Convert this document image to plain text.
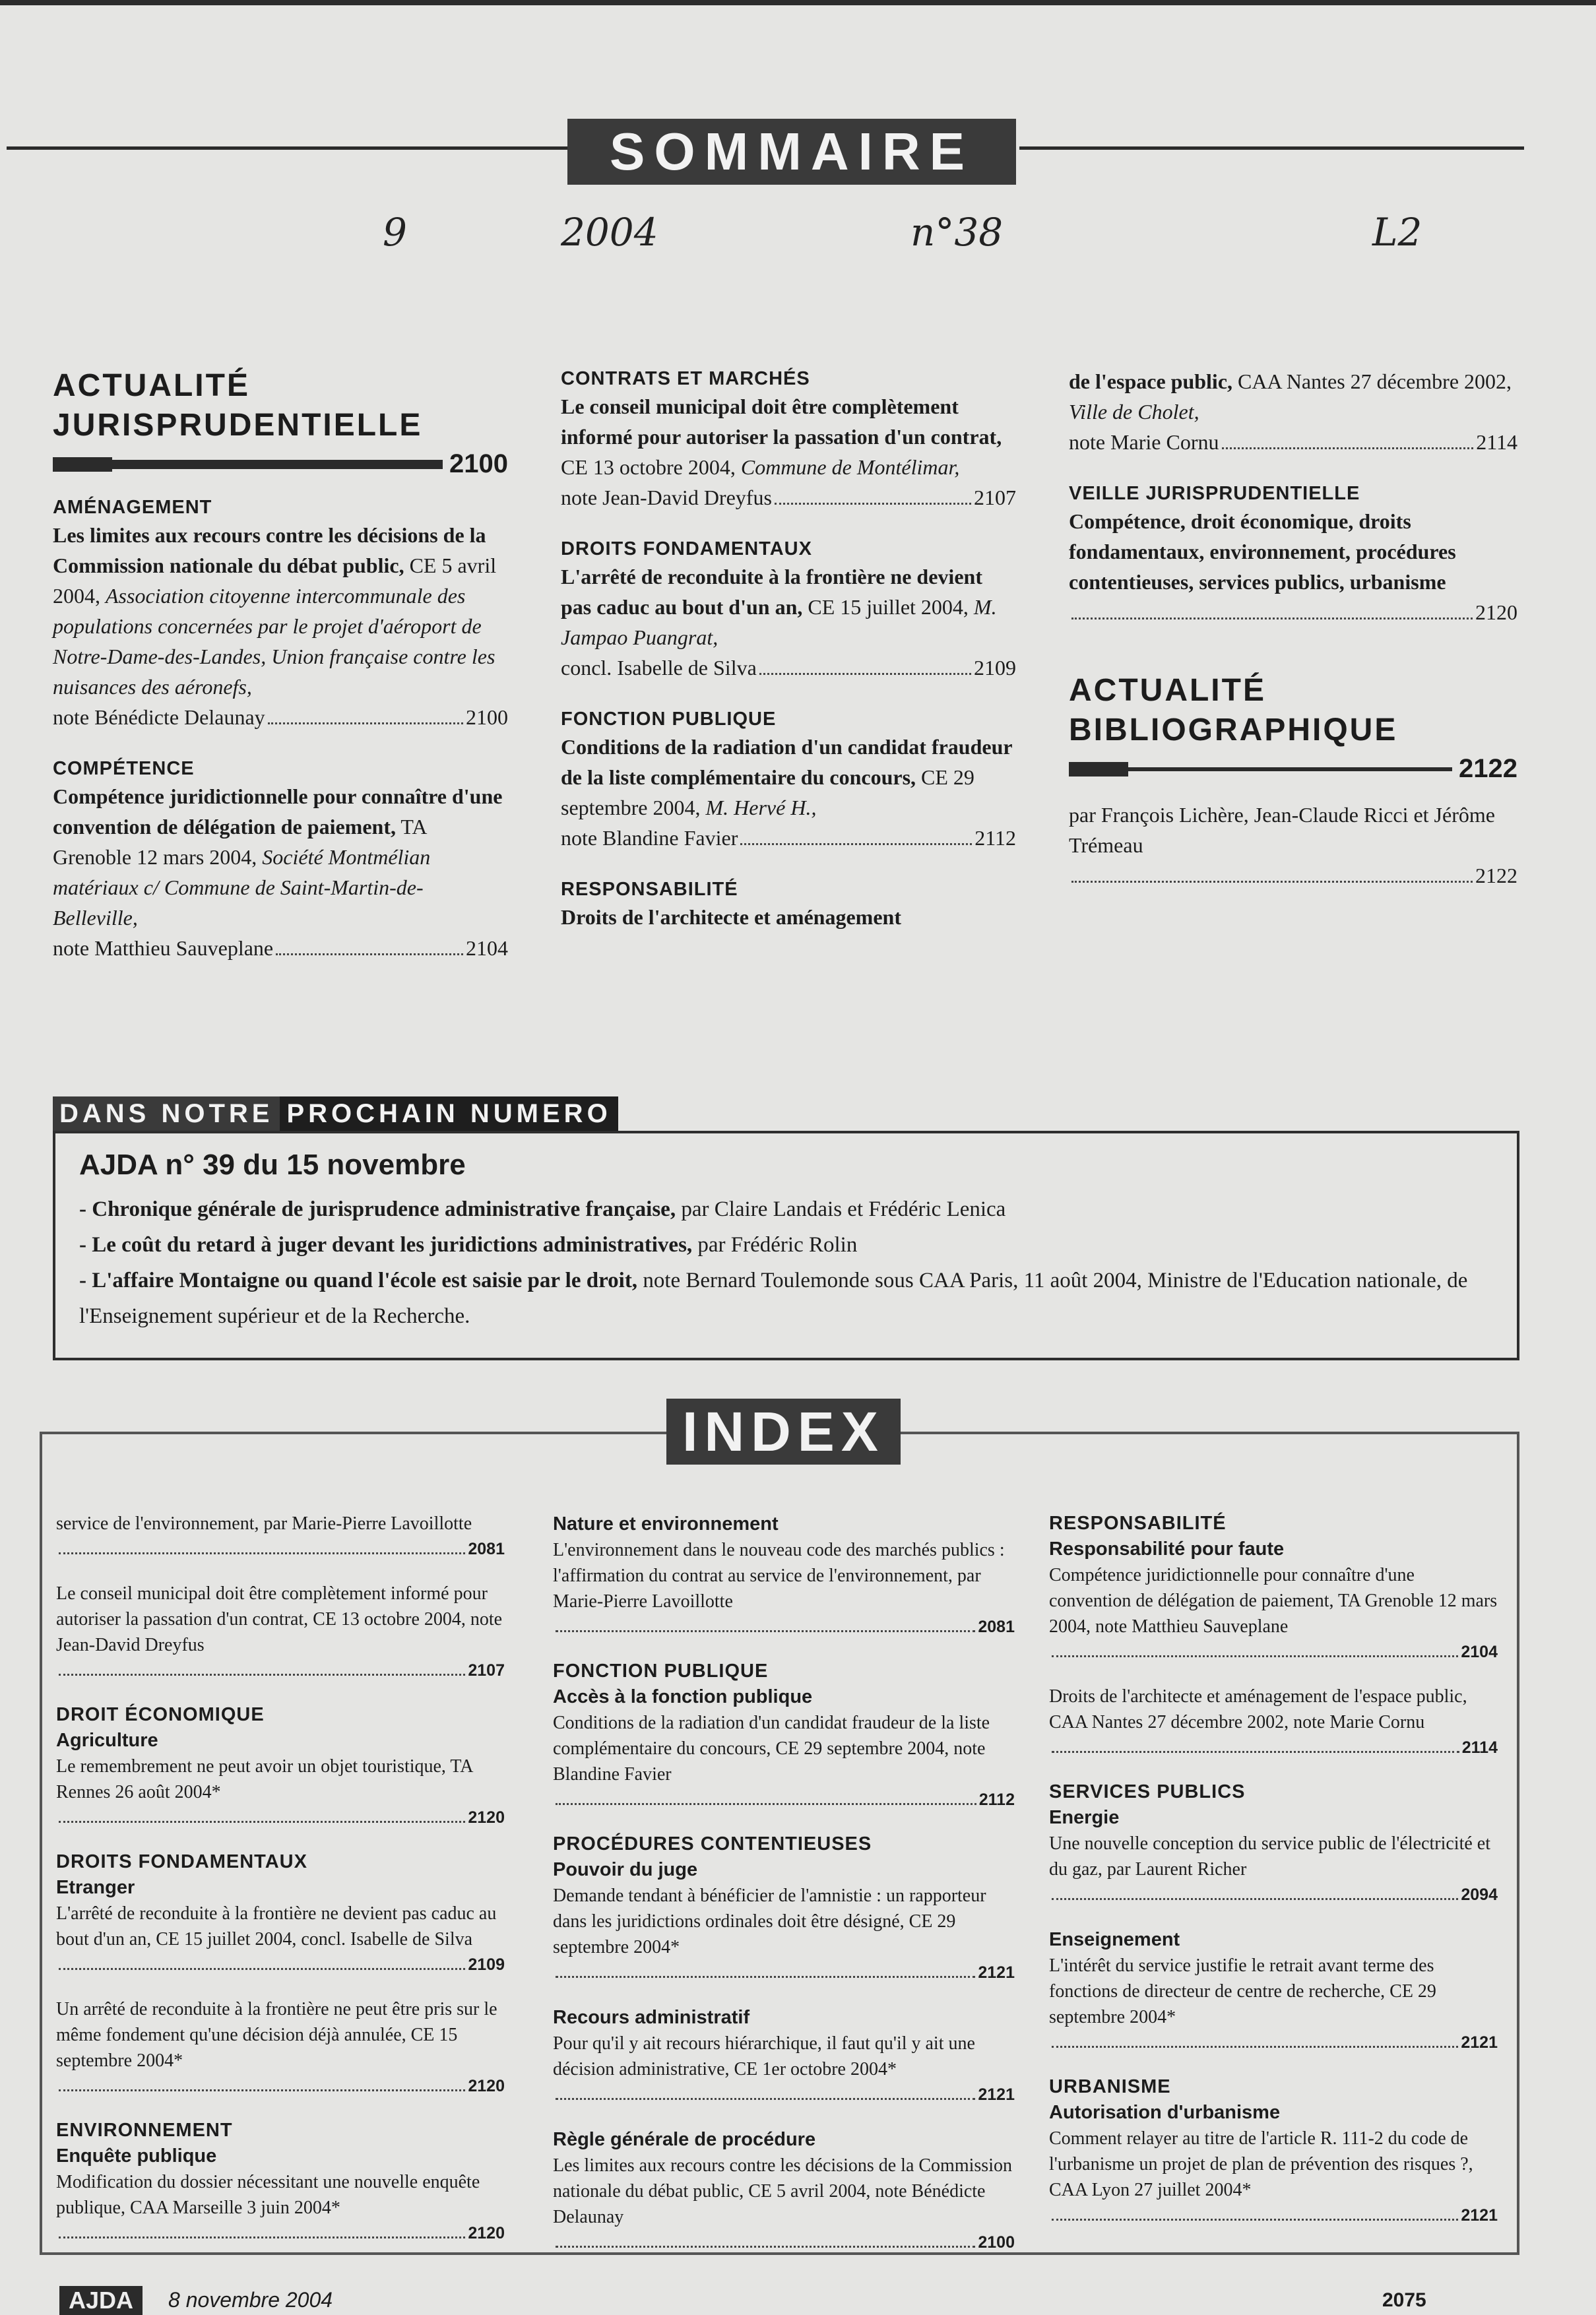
SOMMAIRE
9	2004	n°38	L2

ACTUALITÉ

JURISPRUDENTIELLE

2100

AMÉNAGEMENT

Les limites aux recours contre les décisions de la Commission nationale du débat public, CE 5 avril 2004, Association citoyenne intercommunale des populations concernées par le projet d'aéroport de Notre-Dame-des-Landes, Union française contre les nuisances des aéronefs,
note Bénédicte Delaunay	2100

COMPÉTENCE

Compétence juridictionnelle pour connaître d'une convention de délégation de paiement, TA Grenoble 12 mars 2004, Société Montmélian matériaux c/ Commune de Saint-Martin-de-Belleville,
note Matthieu Sauveplane	2104

CONTRATS ET MARCHÉS

Le conseil municipal doit être complètement informé pour autoriser la passation d'un contrat, CE 13 octobre 2004, Commune de Montélimar,
note Jean-David Dreyfus	2107

DROITS FONDAMENTAUX

L'arrêté de reconduite à la frontière ne devient pas caduc au bout d'un an, CE 15 juillet 2004, M. Jampao Puangrat,
concl. Isabelle de Silva	2109

FONCTION PUBLIQUE

Conditions de la radiation d'un candidat fraudeur de la liste complémentaire du concours, CE 29 septembre 2004, M. Hervé H.,
note Blandine Favier	2112

RESPONSABILITÉ

Droits de l'architecte et aménagement

de l'espace public, CAA Nantes 27 décembre 2002, Ville de Cholet,
note Marie Cornu	2114

VEILLE JURISPRUDENTIELLE

Compétence, droit économique, droits fondamentaux, environnement, procédures contentieuses, services publics, urbanisme
2120

ACTUALITÉ

BIBLIOGRAPHIQUE

2122

par François Lichère, Jean-Claude Ricci et Jérôme Trémeau
2122

DANS NOTRE PROCHAIN NUMERO

AJDA n° 39 du 15 novembre

- Chronique générale de jurisprudence administrative française, par Claire Landais et Frédéric Lenica

- Le coût du retard à juger devant les juridictions administratives, par Frédéric Rolin

- L'affaire Montaigne ou quand l'école est saisie par le droit, note Bernard Toulemonde sous CAA Paris, 11 août 2004, Ministre de l'Education nationale, de l'Enseignement supérieur et de la Recherche.

INDEX

service de l'environnement, par Marie-Pierre Lavoillotte
2081

Le conseil municipal doit être complètement informé pour autoriser la passation d'un contrat, CE 13 octobre 2004, note Jean-David Dreyfus
2107

DROIT ÉCONOMIQUE

Agriculture

Le remembrement ne peut avoir un objet touristique, TA Rennes 26 août 2004*
2120

DROITS FONDAMENTAUX

Etranger

L'arrêté de reconduite à la frontière ne devient pas caduc au bout d'un an, CE 15 juillet 2004, concl. Isabelle de Silva
2109

Un arrêté de reconduite à la frontière ne peut être pris sur le même fondement qu'une décision déjà annulée, CE 15 septembre 2004*
2120

ENVIRONNEMENT

Enquête publique

Modification du dossier nécessitant une nouvelle enquête publique, CAA Marseille 3 juin 2004*
2120

Nature et environnement

L'environnement dans le nouveau code des marchés publics : l'affirmation du contrat au service de l'environnement, par Marie-Pierre Lavoillotte
2081

FONCTION PUBLIQUE

Accès à la fonction publique

Conditions de la radiation d'un candidat fraudeur de la liste complémentaire du concours, CE 29 septembre 2004, note Blandine Favier
2112

PROCÉDURES CONTENTIEUSES

Pouvoir du juge

Demande tendant à bénéficier de l'amnistie : un rapporteur dans les juridictions ordinales doit être désigné, CE 29 septembre 2004*
2121

Recours administratif

Pour qu'il y ait recours hiérarchique, il faut qu'il y ait une décision administrative, CE 1er octobre 2004*
2121

Règle générale de procédure

Les limites aux recours contre les décisions de la Commission nationale du débat public, CE 5 avril 2004, note Bénédicte Delaunay
2100

RESPONSABILITÉ

Responsabilité pour faute

Compétence juridictionnelle pour connaître d'une convention de délégation de paiement, TA Grenoble 12 mars 2004, note Matthieu Sauveplane
2104

Droits de l'architecte et aménagement de l'espace public, CAA Nantes 27 décembre 2002, note Marie Cornu
2114

SERVICES PUBLICS

Energie

Une nouvelle conception du service public de l'électricité et du gaz, par Laurent Richer
2094

Enseignement

L'intérêt du service justifie le retrait avant terme des fonctions de directeur de centre de recherche, CE 29 septembre 2004*
2121

URBANISME

Autorisation d'urbanisme

Comment relayer au titre de l'article R. 111-2 du code de l'urbanisme un projet de plan de prévention des risques ?, CAA Lyon 27 juillet 2004*
2121

AJDA	8 novembre 2004	2075
